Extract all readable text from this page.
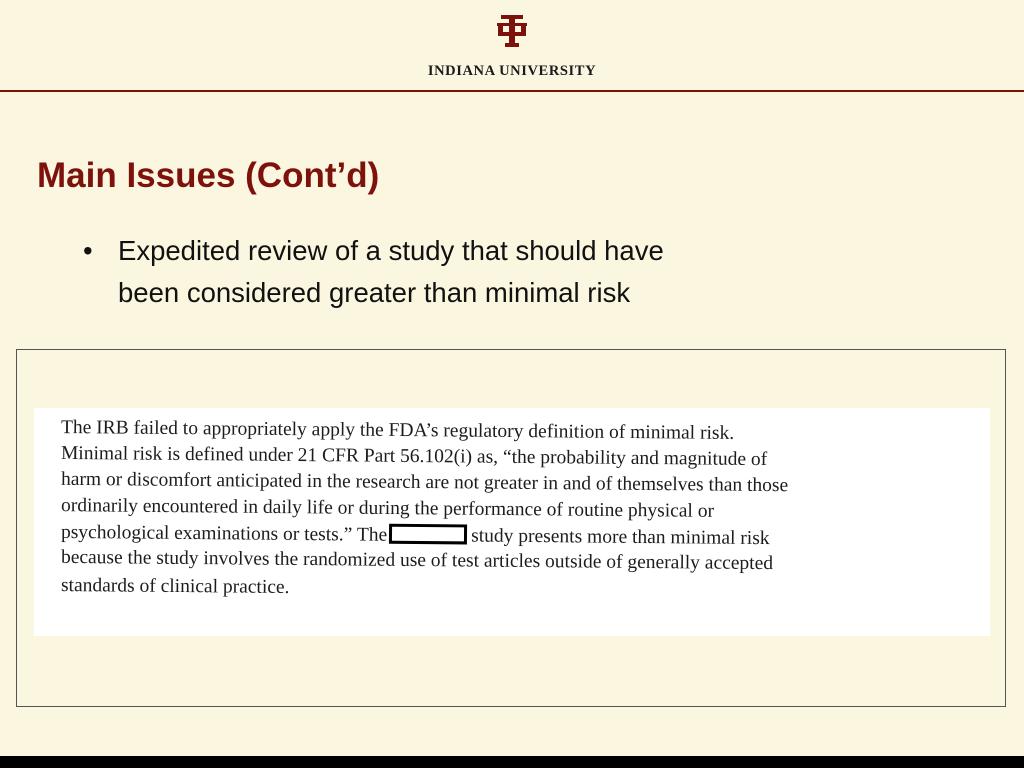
INDIANA UNIVERSITY
Main Issues (Cont’d)
• Expedited review of a study that should have
been considered greater than minimal risk

The IRB failed to appropriately apply the FDA’s regulatory definition of minimal risk.

Minimal risk is defined under 21 CFR Part 56.102(i) as, “the probability and magnitude of

harm or discomfort anticipated in the research are not greater in and of themselves than those

ordinarily encountered in daily life or during the performance of routine physical or

psychological examinations or tests.” The	study presents more than minimal risk

because the study involves the randomized use of test articles outside of generally accepted

standards of clinical practice.
